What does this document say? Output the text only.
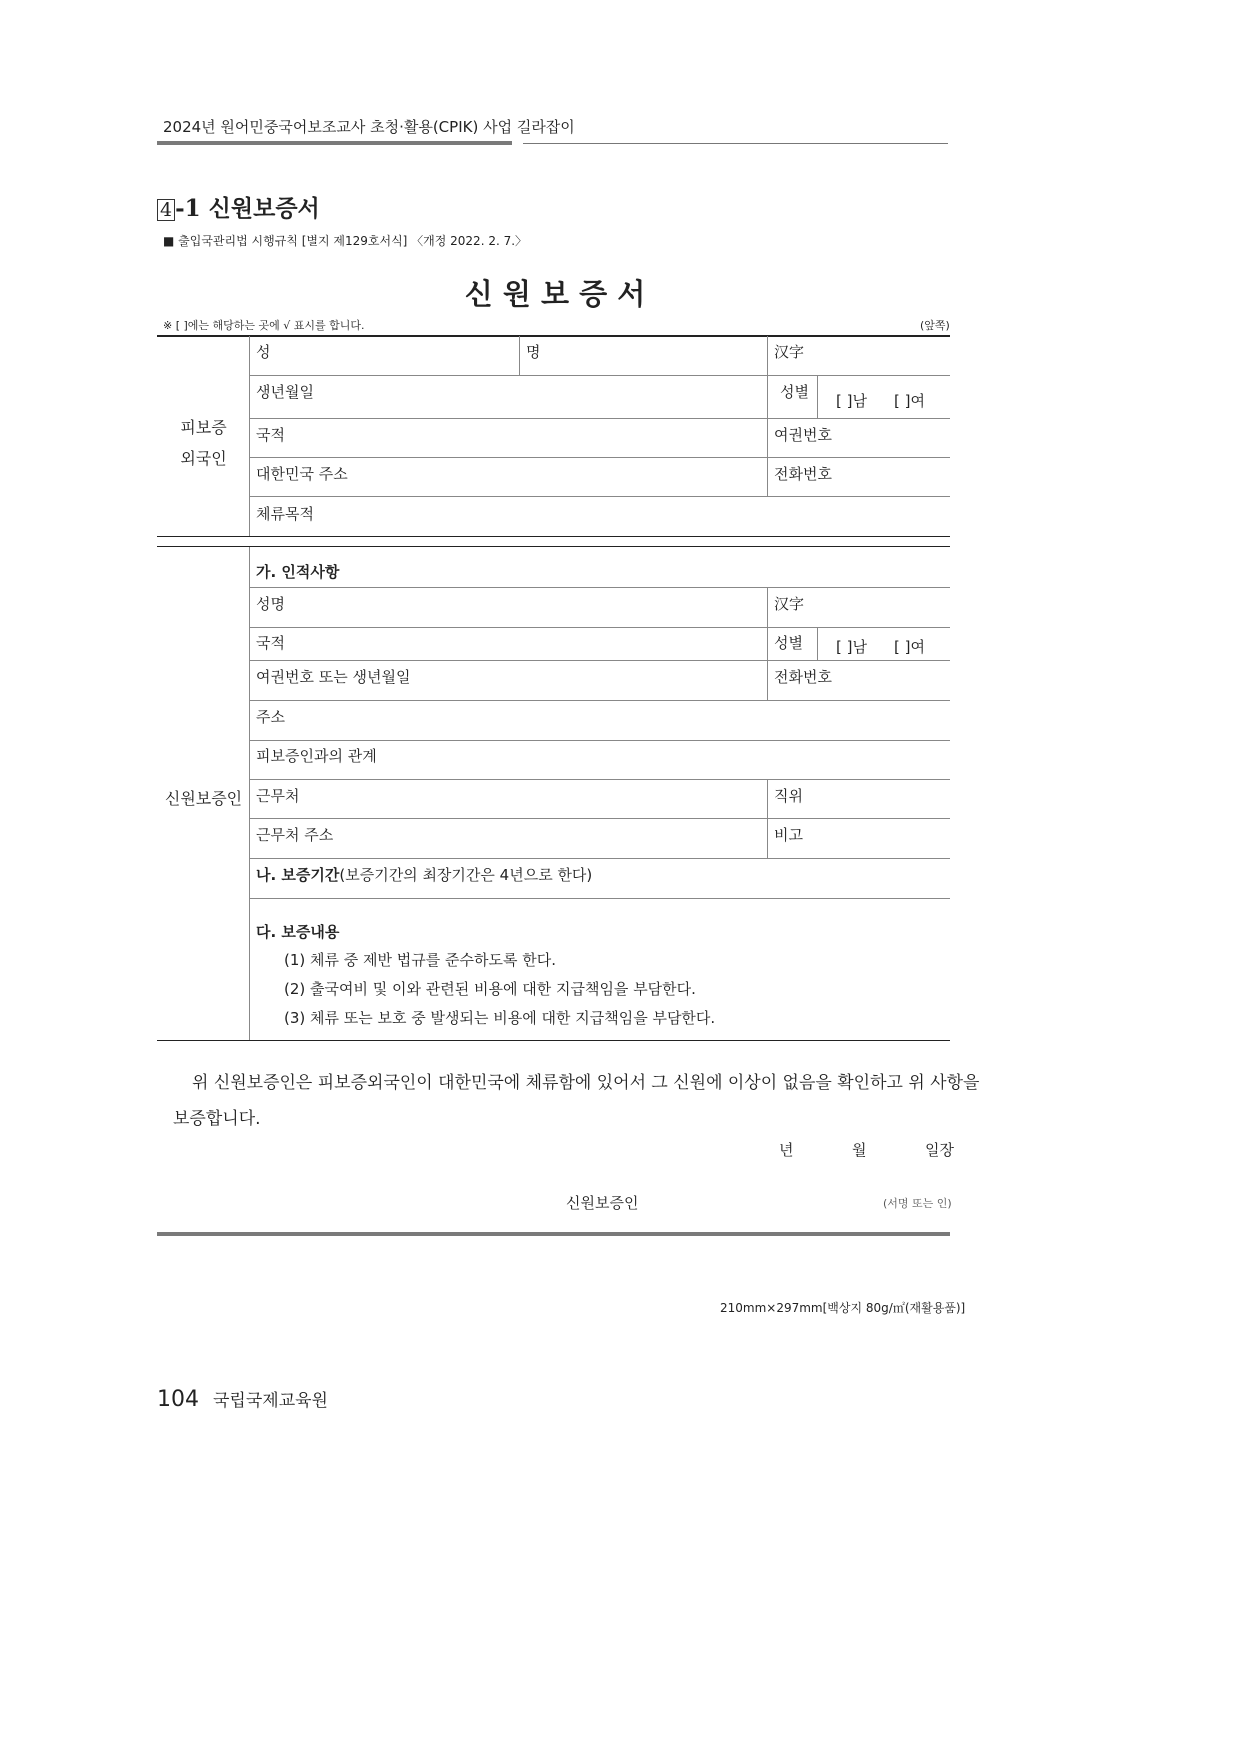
2024년 원어민중국어보조교사 초청·활용(CPIK) 사업 길라잡이
4 -1 신원보증서
■ 출입국관리법 시행규칙 [별지 제129호서식] 〈개정 2022. 2. 7.〉
신 원 보 증 서
※ [ ]에는 해당하는 곳에 √ 표시를 합니다.	(앞쪽)
피보증
외국인
성	명	汉字
생년월일	성별 [ ]남 [ ]여
국적	여권번호
대한민국 주소	전화번호
체류목적
신원보증인
가. 인적사항
성명	汉字
국적	성별 [ ]남 [ ]여
여권번호 또는 생년월일	전화번호
주소
피보증인과의 관계
근무처	직위
근무처 주소	비고
나. 보증기간(보증기간의 최장기간은 4년으로 한다)
다. 보증내용
(1) 체류 중 제반 법규를 준수하도록 한다.
(2) 출국여비 및 이와 관련된 비용에 대한 지급책임을 부담한다.
(3) 체류 또는 보호 중 발생되는 비용에 대한 지급책임을 부담한다.
위 신원보증인은 피보증외국인이 대한민국에 체류함에 있어서 그 신원에 이상이 없음을 확인하고 위 사항을
보증합니다.
년	월	일장
신원보증인	(서명 또는 인)
210mm×297mm[백상지 80g/㎡(재활용품)]
104 국립국제교육원
